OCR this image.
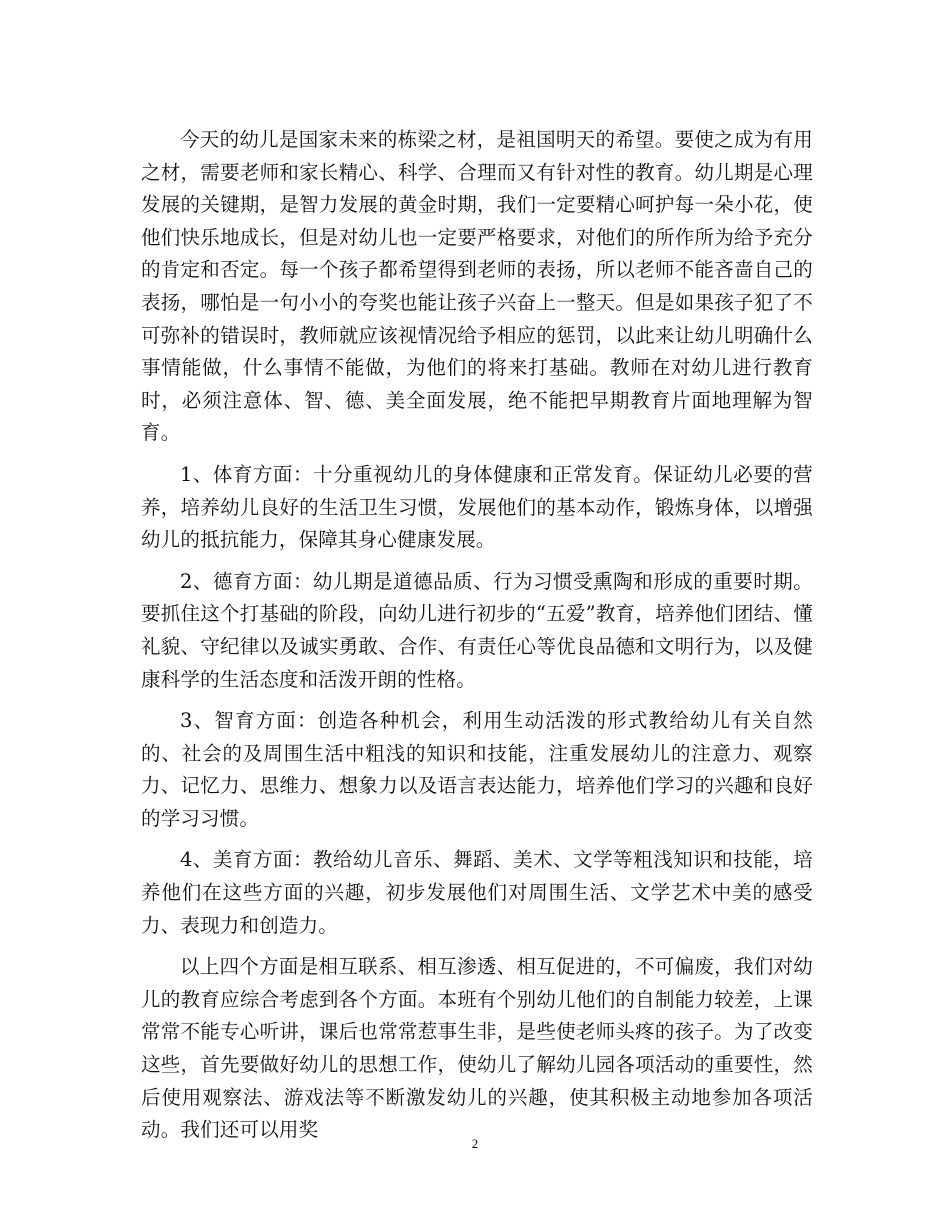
今天的幼儿是国家未来的栋梁之材，是祖国明天的希望。要使之成为有用之材，需要老师和家长精心、科学、合理而又有针对性的教育。幼儿期是心理发展的关键期，是智力发展的黄金时期，我们一定要精心呵护每一朵小花，使他们快乐地成长，但是对幼儿也一定要严格要求，对他们的所作所为给予充分的肯定和否定。每一个孩子都希望得到老师的表扬，所以老师不能吝啬自己的表扬，哪怕是一句小小的夸奖也能让孩子兴奋上一整天。但是如果孩子犯了不可弥补的错误时，教师就应该视情况给予相应的惩罚，以此来让幼儿明确什么事情能做，什么事情不能做，为他们的将来打基础。教师在对幼儿进行教育时，必须注意体、智、德、美全面发展，绝不能把早期教育片面地理解为智育。

1、体育方面：十分重视幼儿的身体健康和正常发育。保证幼儿必要的营养，培养幼儿良好的生活卫生习惯，发展他们的基本动作，锻炼身体，以增强幼儿的抵抗能力，保障其身心健康发展。

2、德育方面：幼儿期是道德品质、行为习惯受熏陶和形成的重要时期。要抓住这个打基础的阶段，向幼儿进行初步的“五爱”教育，培养他们团结、懂礼貌、守纪律以及诚实勇敢、合作、有责任心等优良品德和文明行为，以及健康科学的生活态度和活泼开朗的性格。

3、智育方面：创造各种机会，利用生动活泼的形式教给幼儿有关自然的、社会的及周围生活中粗浅的知识和技能，注重发展幼儿的注意力、观察力、记忆力、思维力、想象力以及语言表达能力，培养他们学习的兴趣和良好的学习习惯。

4、美育方面：教给幼儿音乐、舞蹈、美术、文学等粗浅知识和技能，培养他们在这些方面的兴趣，初步发展他们对周围生活、文学艺术中美的感受力、表现力和创造力。

以上四个方面是相互联系、相互渗透、相互促进的，不可偏废，我们对幼儿的教育应综合考虑到各个方面。本班有个别幼儿他们的自制能力较差，上课常常不能专心听讲，课后也常常惹事生非，是些使老师头疼的孩子。为了改变这些，首先要做好幼儿的思想工作，使幼儿了解幼儿园各项活动的重要性，然后使用观察法、游戏法等不断激发幼儿的兴趣，使其积极主动地参加各项活动。我们还可以用奖

2
